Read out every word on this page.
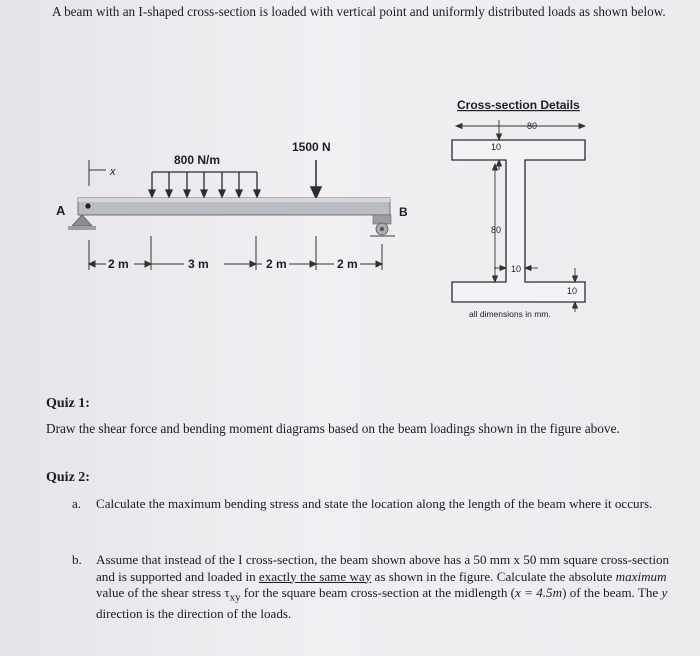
A beam with an I-shaped cross-section is loaded with vertical point and uniformly distributed loads as shown below.
x
800 N/m
1500 N
A	B
2 m	3 m	2 m	2 m
Cross-section Details
80
10
80
10
10
all dimensions in mm.
Quiz 1:
Draw the shear force and bending moment diagrams based on the beam loadings shown in the figure above.
Quiz 2:
a. Calculate the maximum bending stress and state the location along the length of the beam where it occurs.
b. Assume that instead of the I cross-section, the beam shown above has a 50 mm x 50 mm square cross-section and is supported and loaded in exactly the same way as shown in the figure. Calculate the absolute maximum value of the shear stress $\tau_{xy}$ for the square beam cross-section at the midlength (x = 4.5m) of the beam. The y direction is the direction of the loads.
